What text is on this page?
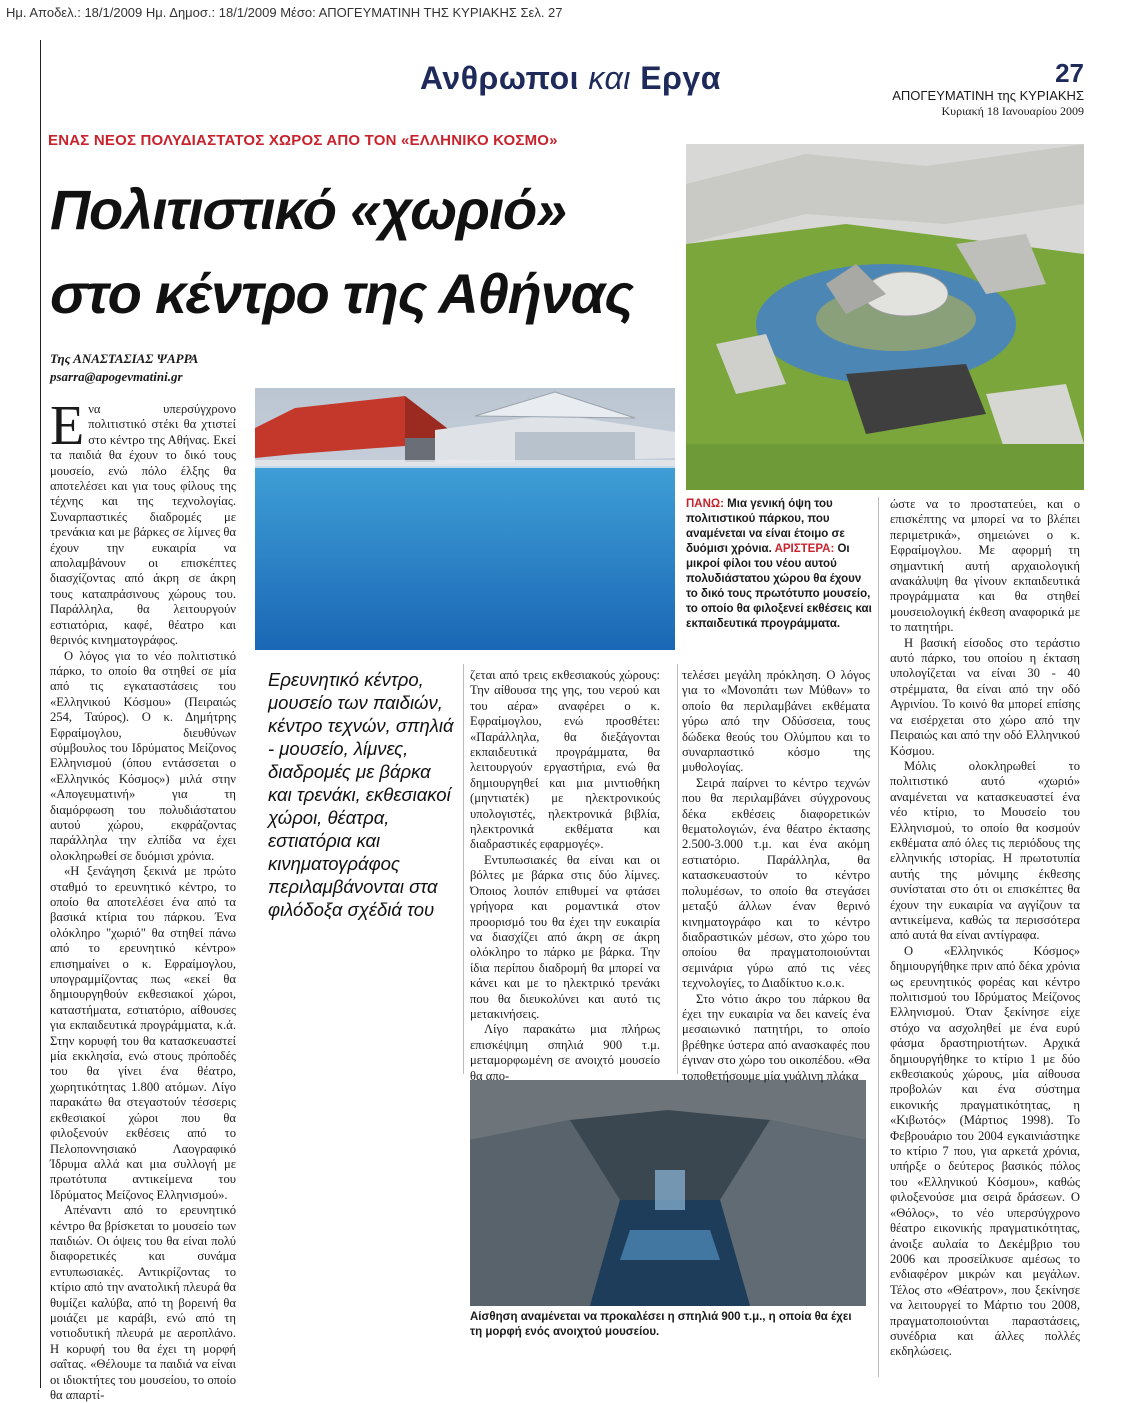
Ημ. Αποδελ.: 18/1/2009 Ημ. Δημοσ.: 18/1/2009 Μέσο: ΑΠΟΓΕΥΜΑΤΙΝΗ ΤΗΣ ΚΥΡΙΑΚΗΣ Σελ. 27
Ανθρωποι και Εργα	27
ΑΠΟΓΕΥΜΑΤΙΝΗ της ΚΥΡΙΑΚΗΣ
Κυριακή 18 Ιανουαρίου 2009
ΕΝΑΣ ΝΕΟΣ ΠΟΛΥΔΙΑΣΤΑΤΟΣ ΧΩΡΟΣ ΑΠΟ ΤΟΝ «ΕΛΛΗΝΙΚΟ ΚΟΣΜΟ»
Πολιτιστικό «χωριό»
στο κέντρο της Αθήνας
Της ΑΝΑΣΤΑΣΙΑΣ ΨΑΡΡΑ
psarra@apogevmatini.gr
ΠΑΝΩ: Μια γενική όψη του πολιτιστικού πάρκου, που αναμένεται να είναι έτοιμο σε δυόμισι χρόνια. ΑΡΙΣΤΕΡΑ: Οι μικροί φίλοι του νέου αυτού πολυδιάστατου χώρου θα έχουν το δικό τους πρωτότυπο μουσείο, το οποίο θα φιλοξενεί εκθέσεις και εκπαιδευτικά προγράμματα.
Αίσθηση αναμένεται να προκαλέσει η σπηλιά 900 τ.μ., η οποία θα έχει τη μορφή ενός ανοιχτού μουσείου.
Ερευνητικό κέντρο, μουσείο των παιδιών, κέντρο τεχνών, σπηλιά - μουσείο, λίμνες, διαδρομές με βάρκα και τρενάκι, εκθεσιακοί χώροι, θέατρα, εστιατόρια και κινηματογράφος περιλαμβάνονται στα φιλόδοξα σχέδιά του

Ενα υπερσύγχρονο πολιτιστικό στέκι θα χτιστεί στο κέντρο της Αθήνας. Εκεί τα παιδιά θα έχουν το δικό τους μουσείο, ενώ πόλο έλξης θα αποτελέσει και για τους φίλους της τέχνης και της τεχνολογίας. Συναρπαστικές διαδρομές με τρενάκια και με βάρκες σε λίμνες θα έχουν την ευκαιρία να απολαμβάνουν οι επισκέπτες διασχίζοντας από άκρη σε άκρη τους καταπράσινους χώρους του. Παράλληλα, θα λειτουργούν εστιατόρια, καφέ, θέατρο και θερινός κινηματογράφος.

Ο λόγος για το νέο πολιτιστικό πάρκο, το οποίο θα στηθεί σε μία από τις εγκαταστάσεις του «Ελληνικού Κόσμου» (Πειραιώς 254, Ταύρος). Ο κ. Δημήτρης Εφραίμογλου, διευθύνων σύμβουλος του Ιδρύματος Μείζονος Ελληνισμού (όπου εντάσσεται ο «Ελληνικός Κόσμος») μιλά στην «Απογευματινή» για τη διαμόρφωση του πολυδιάστατου αυτού χώρου, εκφράζοντας παράλληλα την ελπίδα να έχει ολοκληρωθεί σε δυόμισι χρόνια.

«Η ξενάγηση ξεκινά με πρώτο σταθμό το ερευνητικό κέντρο, το οποίο θα αποτελέσει ένα από τα βασικά κτίρια του πάρκου. Ένα ολόκληρο "χωριό" θα στηθεί πάνω από το ερευνητικό κέντρο» επισημαίνει ο κ. Εφραίμογλου, υπογραμμίζοντας πως «εκεί θα δημιουργηθούν εκθεσιακοί χώροι, καταστήματα, εστιατόριο, αίθουσες για εκπαιδευτικά προγράμματα, κ.ά. Στην κορυφή του θα κατασκευαστεί μία εκκλησία, ενώ στους πρόποδές του θα γίνει ένα θέατρο, χωρητικότητας 1.800 ατόμων. Λίγο παρακάτω θα στεγαστούν τέσσερις εκθεσιακοί χώροι που θα φιλοξενούν εκθέσεις από το Πελοποννησιακό Λαογραφικό Ίδρυμα αλλά και μια συλλογή με πρωτότυπα αντικείμενα του Ιδρύματος Μείζονος Ελληνισμού».

Απέναντι από το ερευνητικό κέντρο θα βρίσκεται το μουσείο των παιδιών. Οι όψεις του θα είναι πολύ διαφορετικές και συνάμα εντυπωσιακές. Αντικρίζοντας το κτίριο από την ανατολική πλευρά θα θυμίζει καλύβα, από τη βορεινή θα μοιάζει με καράβι, ενώ από τη νοτιοδυτική πλευρά με αεροπλάνο. Η κορυφή του θα έχει τη μορφή σαΐτας. «Θέλουμε τα παιδιά να είναι οι ιδιοκτήτες του μουσείου, το οποίο θα απαρτί-

ζεται από τρεις εκθεσιακούς χώρους: Την αίθουσα της γης, του νερού και του αέρα» αναφέρει ο κ. Εφραίμογλου, ενώ προσθέτει: «Παράλληλα, θα διεξάγονται εκπαιδευτικά προγράμματα, θα λειτουργούν εργαστήρια, ενώ θα δημιουργηθεί και μια μιντιοθήκη (μηντιατέκ) με ηλεκτρονικούς υπολογιστές, ηλεκτρονικά βιβλία, ηλεκτρονικά εκθέματα και διαδραστικές εφαρμογές».

Εντυπωσιακές θα είναι και οι βόλτες με βάρκα στις δύο λίμνες. Όποιος λοιπόν επιθυμεί να φτάσει γρήγορα και ρομαντικά στον προορισμό του θα έχει την ευκαιρία να διασχίζει από άκρη σε άκρη ολόκληρο το πάρκο με βάρκα. Την ίδια περίπου διαδρομή θα μπορεί να κάνει και με το ηλεκτρικό τρενάκι που θα διευκολύνει και αυτό τις μετακινήσεις.

Λίγο παρακάτω μια πλήρως επισκέψιμη σπηλιά 900 τ.μ. μεταμορφωμένη σε ανοιχτό μουσείο θα απο-

τελέσει μεγάλη πρόκληση. Ο λόγος για το «Μονοπάτι των Μύθων» το οποίο θα περιλαμβάνει εκθέματα γύρω από την Οδύσσεια, τους δώδεκα θεούς του Ολύμπου και το συναρπαστικό κόσμο της μυθολογίας.

Σειρά παίρνει το κέντρο τεχνών που θα περιλαμβάνει σύγχρονους δέκα εκθέσεις διαφορετικών θεματολογιών, ένα θέατρο έκτασης 2.500-3.000 τ.μ. και ένα ακόμη εστιατόριο. Παράλληλα, θα κατασκευαστούν το κέντρο πολυμέσων, το οποίο θα στεγάσει μεταξύ άλλων έναν θερινό κινηματογράφο και το κέντρο διαδραστικών μέσων, στο χώρο του οποίου θα πραγματοποιούνται σεμινάρια γύρω από τις νέες τεχνολογίες, το Διαδίκτυο κ.ο.κ.

Στο νότιο άκρο του πάρκου θα έχει την ευκαιρία να δει κανείς ένα μεσαιωνικό πατητήρι, το οποίο βρέθηκε ύστερα από ανασκαφές που έγιναν στο χώρο του οικοπέδου. «Θα τοποθετήσουμε μία γυάλινη πλάκα

ώστε να το προστατεύει, και ο επισκέπτης να μπορεί να το βλέπει περιμετρικά», σημειώνει ο κ. Εφραίμογλου. Με αφορμή τη σημαντική αυτή αρχαιολογική ανακάλυψη θα γίνουν εκπαιδευτικά προγράμματα και θα στηθεί μουσειολογική έκθεση αναφορικά με το πατητήρι.

Η βασική είσοδος στο τεράστιο αυτό πάρκο, του οποίου η έκταση υπολογίζεται να είναι 30 - 40 στρέμματα, θα είναι από την οδό Αγρινίου. Το κοινό θα μπορεί επίσης να εισέρχεται στο χώρο από την Πειραιώς και από την οδό Ελληνικού Κόσμου.

Μόλις ολοκληρωθεί το πολιτιστικό αυτό «χωριό» αναμένεται να κατασκευαστεί ένα νέο κτίριο, το Μουσείο του Ελληνισμού, το οποίο θα κοσμούν εκθέματα από όλες τις περιόδους της ελληνικής ιστορίας. Η πρωτοτυπία αυτής της μόνιμης έκθεσης συνίσταται στο ότι οι επισκέπτες θα έχουν την ευκαιρία να αγγίζουν τα αντικείμενα, καθώς τα περισσότερα από αυτά θα είναι αντίγραφα.

Ο «Ελληνικός Κόσμος» δημιουργήθηκε πριν από δέκα χρόνια ως ερευνητικός φορέας και κέντρο πολιτισμού του Ιδρύματος Μείζονος Ελληνισμού. Όταν ξεκίνησε είχε στόχο να ασχοληθεί με ένα ευρύ φάσμα δραστηριοτήτων. Αρχικά δημιουργήθηκε το κτίριο 1 με δύο εκθεσιακούς χώρους, μία αίθουσα προβολών και ένα σύστημα εικονικής πραγματικότητας, η «Κιβωτός» (Μάρτιος 1998). Το Φεβρουάριο του 2004 εγκαινιάστηκε το κτίριο 7 που, για αρκετά χρόνια, υπήρξε ο δεύτερος βασικός πόλος του «Ελληνικού Κόσμου», καθώς φιλοξενούσε μια σειρά δράσεων. Ο «Θόλος», το νέο υπερσύγχρονο θέατρο εικονικής πραγματικότητας, άνοιξε αυλαία το Δεκέμβριο του 2006 και προσείλκυσε αμέσως το ενδιαφέρον μικρών και μεγάλων. Τέλος στο «Θέατρον», που ξεκίνησε να λειτουργεί το Μάρτιο του 2008, πραγματοποιούνται παραστάσεις, συνέδρια και άλλες πολλές εκδηλώσεις.
